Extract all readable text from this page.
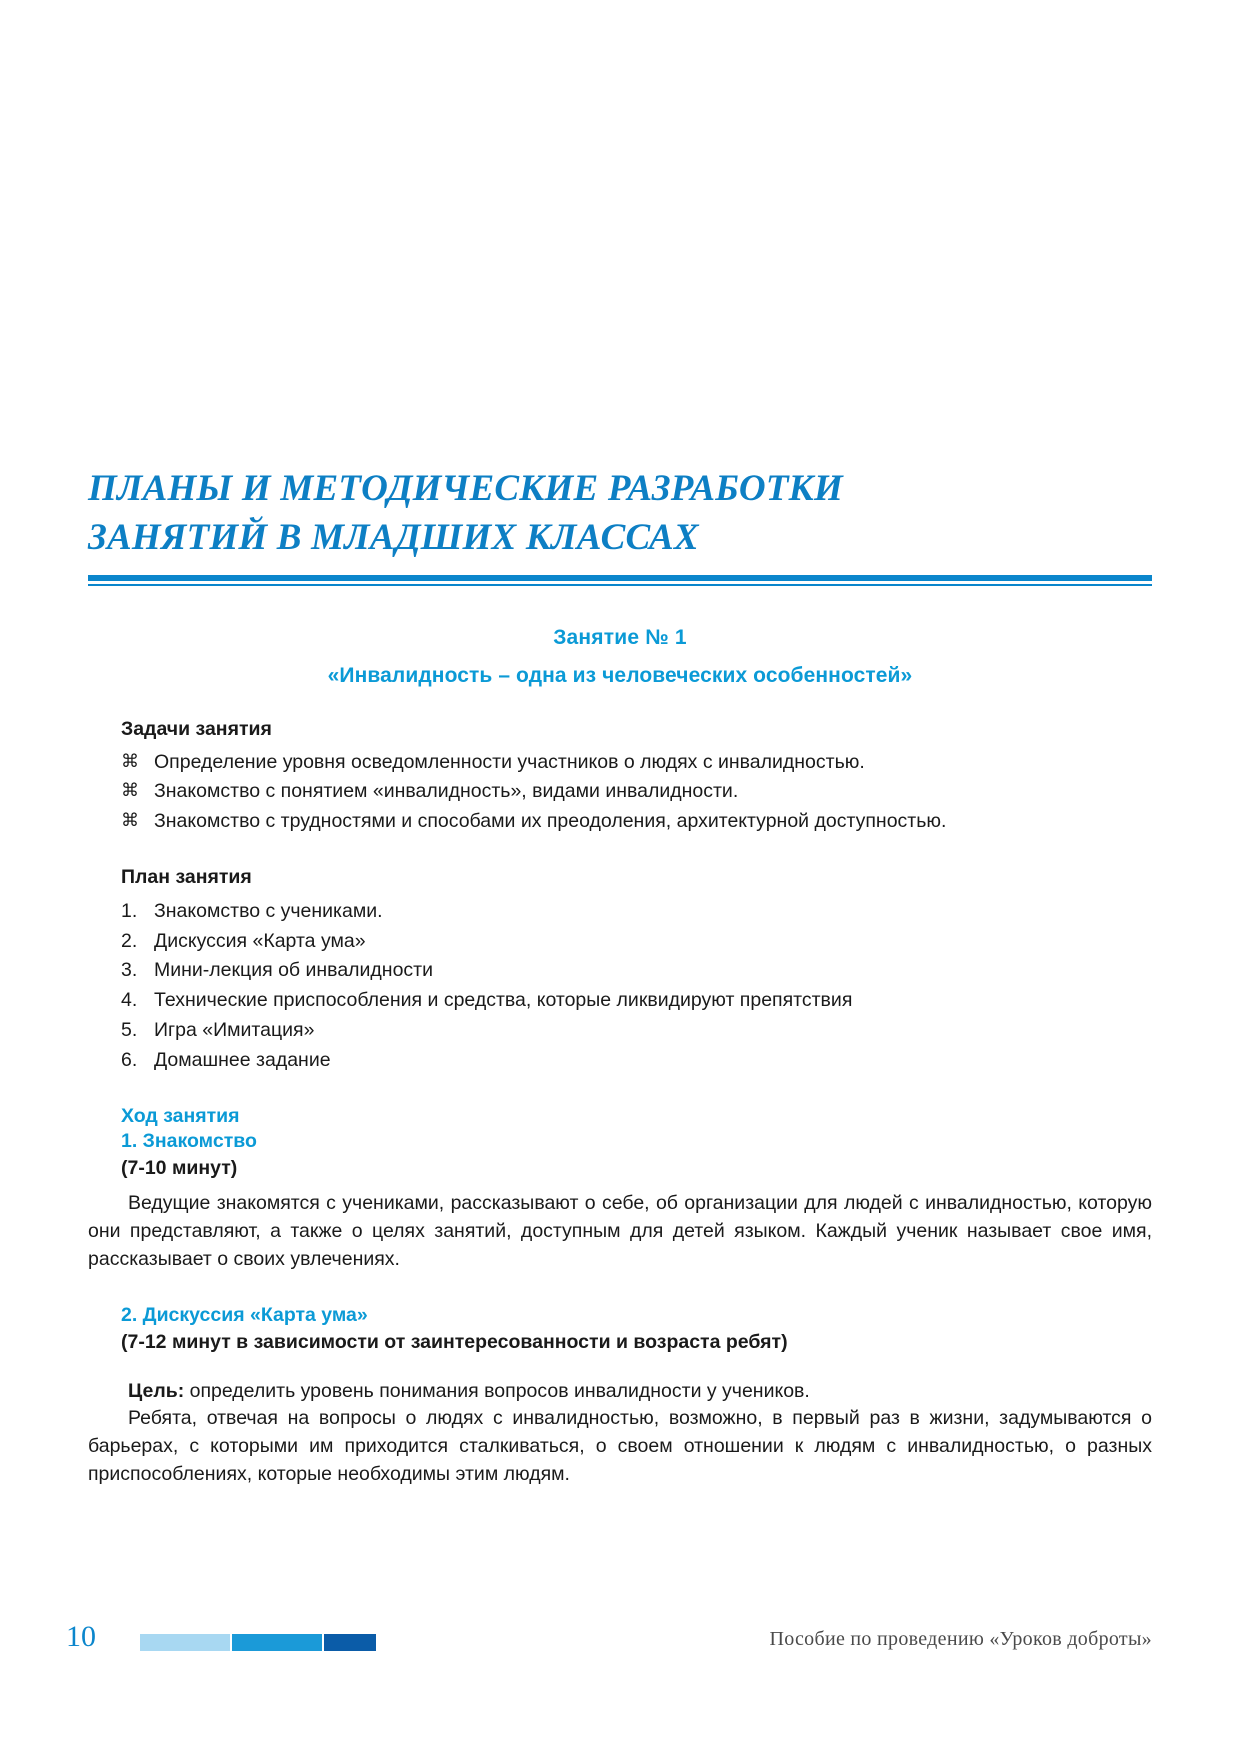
ПЛАНЫ И МЕТОДИЧЕСКИЕ РАЗРАБОТКИ
ЗАНЯТИЙ В МЛАДШИХ КЛАССАХ
Занятие № 1
«Инвалидность – одна из человеческих особенностей»
Задачи занятия
⌘ Определение уровня осведомленности участников о людях с инвалидностью.
⌘ Знакомство с понятием «инвалидность», видами инвалидности.
⌘ Знакомство с трудностями и способами их преодоления, архитектурной доступностью.
План занятия
1. Знакомство с учениками.
2. Дискуссия «Карта ума»
3. Мини-лекция об инвалидности
4. Технические приспособления и средства, которые ликвидируют препятствия
5. Игра «Имитация»
6. Домашнее задание
Ход занятия
1. Знакомство
(7-10 минут)

Ведущие знакомятся с учениками, рассказывают о себе, об организации для людей с инвалидностью, которую они представляют, а также о целях занятий, доступным для детей языком. Каждый ученик называет свое имя, рассказывает о своих увлечениях.

2. Дискуссия «Карта ума»
(7-12 минут в зависимости от заинтересованности и возраста ребят)

Цель: определить уровень понимания вопросов инвалидности у учеников.

Ребята, отвечая на вопросы о людях с инвалидностью, возможно, в первый раз в жизни, задумываются о барьерах, с которыми им приходится сталкиваться, о своем отношении к людям с инвалидностью, о разных приспособлениях, которые необходимы этим людям.

10	Пособие по проведению «Уроков доброты»
